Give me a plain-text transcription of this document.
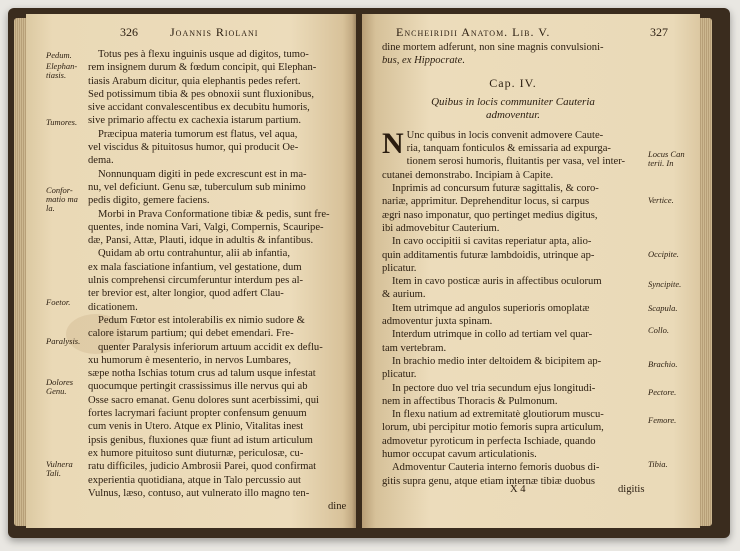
326	Joannis Riolani
Pedum.
Elephan-
tiasis.
Tumores.
Confor-
matio ma
la.
Foetor.
Paralysis.
Dolores
Genu.
Vulnera
Tali.
Totus pes à flexu inguinis usque ad digitos, tumo-
rem insignem durum & fœdum concipit, qui Elephan-
tiasis Arabum dicitur, quia elephantis pedes refert.
Sed potissimum tibia & pes obnoxii sunt fluxionibus,
sive accidant convalescentibus ex decubitu humoris,
sive primario affectu ex cachexia istarum partium.
Præcipua materia tumorum est flatus, vel aqua,
vel viscidus & pituitosus humor, qui producit Oe-
dema.
Nonnunquam digiti in pede excrescunt est in ma-
nu, vel deficiunt. Genu sæ, tuberculum sub minimo
pedis digito, gemere faciens.
Morbi in Prava Conformatione tibiæ & pedis, sunt fre-
quentes, inde nomina Vari, Valgi, Compernis, Scauripe-
dæ, Pansi, Attæ, Plauti, idque in adultis & infantibus.
Quidam ab ortu contrahuntur, alii ab infantia,
ex mala fasciatione infantium, vel gestatione, dum
ulnis comprehensi circumferuntur interdum pes al-
ter brevior est, alter longior, quod adfert Clau-
dicationem.
Pedum Fœtor est intolerabilis ex nimio sudore &
calore istarum partium; qui debet emendari. Fre-
quenter Paralysis inferiorum artuum accidit ex deflu-
xu humorum è mesenterio, in nervos Lumbares,
sæpe notha Ischias totum crus ad talum usque infestat
quocumque pertingit crassissimus ille nervus qui ab
Osse sacro emanat. Genu dolores sunt acerbissimi, qui
fortes lacrymari faciunt propter confensum genuum
cum venis in Utero. Atque ex Plinio, Vitalitas inest
ipsis genibus, fluxiones quæ fiunt ad istum articulum
ex humore pituitoso sunt diuturnæ, periculosæ, cu-
ratu difficiles, judicio Ambrosii Parei, quod confirmat
experientia quotidiana, atque in Talo percussio aut
Vulnus, læso, contuso, aut vulnerato illo magno ten-
dine
Encheiridii Anatom. Lib. V.	327
dine mortem adferunt, non sine magnis convulsioni-
bus, ex Hippocrate.
Cap. IV.
Quibus in locis communiter Cauteria
admoventur.
N Unc quibus in locis convenit admovere Caute-
ria, tanquam fonticulos & emissaria ad expurga-
tionem serosi humoris, fluitantis per vasa, vel inter-
cutanei demonstrabo. Incipiam à Capite.
Inprimis ad concursum futuræ sagittalis, & coro-
nariæ, apprimitur. Deprehenditur locus, si carpus
ægri naso imponatur, quo pertinget medius digitus,
ibi admovebitur Cauterium.
In cavo occipitii si cavitas reperiatur apta, alio-
quin additamentis futuræ lambdoidis, utrinque ap-
plicatur.
Item in cavo posticæ auris in affectibus oculorum
& aurium.
Item utrimque ad angulos superioris omoplatæ
admoventur juxta spinam.
Interdum utrimque in collo ad tertiam vel quar-
tam vertebram.
In brachio medio inter deltoidem & bicipitem ap-
plicatur.
In pectore duo vel tria secundum ejus longitudi-
nem in affectibus Thoracis & Pulmonum.
In flexu natium ad extremitatè gloutiorum muscu-
lorum, ubi percipitur motio femoris supra articulum,
admovetur pyroticum in perfecta Ischiade, quando
humor occupat cavum articulationis.
Admoventur Cauteria interno femoris duobus di-
gitis supra genu, atque etiam internæ tibiæ duobus
Locus Can
terii. In
Vertice.
Occipite.
Syncipite.
Scapula.
Collo.
Brachio.
Pectore.
Femore.
Tibia.
X 4	digitis
